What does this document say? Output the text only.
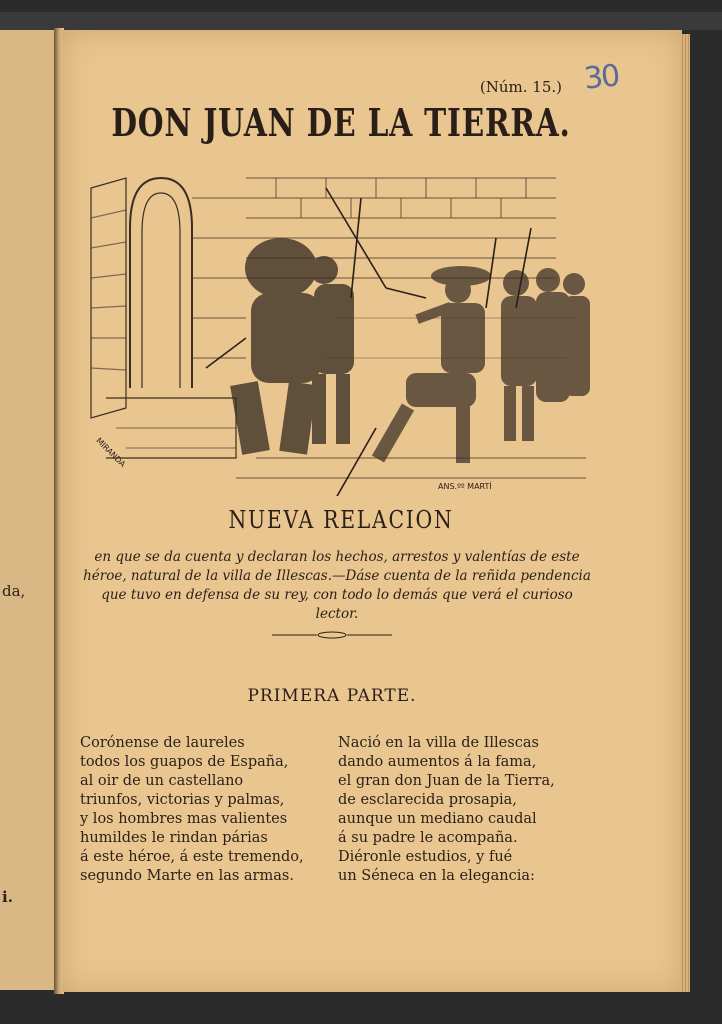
da,
i.
(Núm. 15.) 30
DON JUAN DE LA TIERRA.
MIRANDA
ANS.ºº MARTÍ
NUEVA RELACION
en que se da cuenta y declaran los hechos, arrestos y valentías de este héroe, natural de la villa de Illescas.—Dáse cuenta de la reñida pendencia que tuvo en defensa de su rey, con todo lo demás que verá el curioso lector.
PRIMERA PARTE.
Corónense de laureles
todos los guapos de España,
al oir de un castellano
triunfos, victorias y palmas,
y los hombres mas valientes
humildes le rindan párias
á este héroe, á este tremendo,
segundo Marte en las armas.
Nació en la villa de Illescas
dando aumentos á la fama,
el gran don Juan de la Tierra,
de esclarecida prosapia,
aunque un mediano caudal
á su padre le acompaña.
Diéronle estudios, y fué
un Séneca en la elegancia:
